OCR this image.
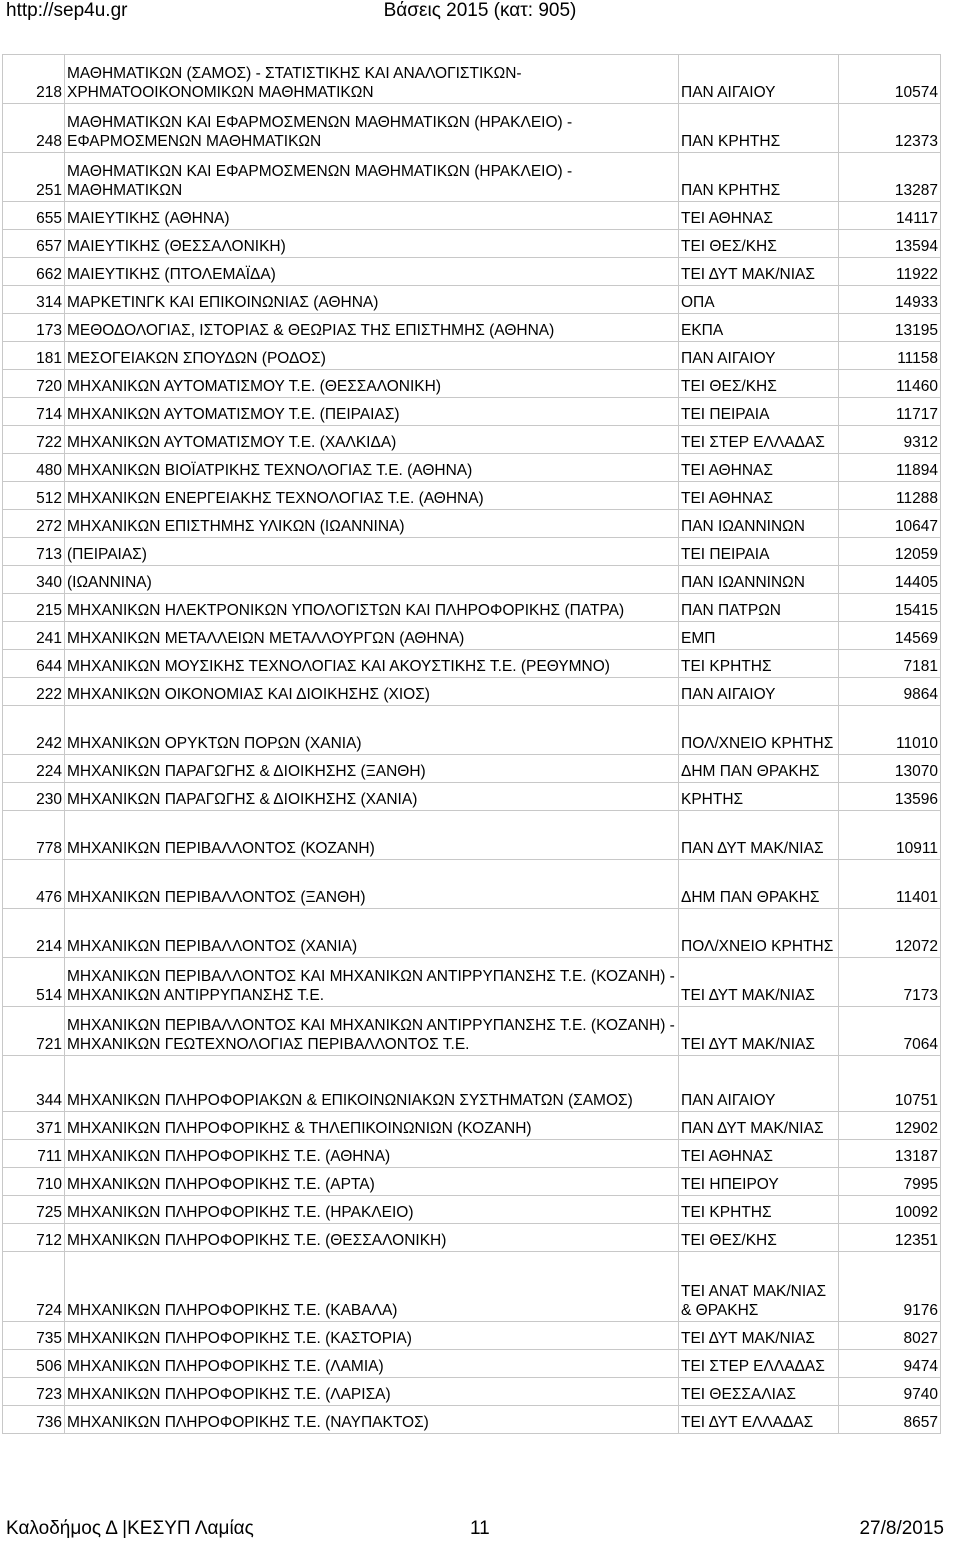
Βάσεις 2015 (κατ: 905)
http://sep4u.gr
218	ΜΑΘΗΜΑΤΙΚΩΝ (ΣΑΜΟΣ) - ΣΤΑΤΙΣΤΙΚΗΣ ΚΑΙ ΑΝΑΛΟΓΙΣΤΙΚΩΝ- ΧΡΗΜΑΤΟΟΙΚΟΝΟΜΙΚΩΝ ΜΑΘΗΜΑΤΙΚΩΝ	ΠΑΝ ΑΙΓΑΙΟΥ	10574
248	ΜΑΘΗΜΑΤΙΚΩΝ ΚΑΙ ΕΦΑΡΜΟΣΜΕΝΩΝ ΜΑΘΗΜΑΤΙΚΩΝ (ΗΡΑΚΛΕΙΟ) - ΕΦΑΡΜΟΣΜΕΝΩΝ ΜΑΘΗΜΑΤΙΚΩΝ	ΠΑΝ ΚΡΗΤΗΣ	12373
251	ΜΑΘΗΜΑΤΙΚΩΝ ΚΑΙ ΕΦΑΡΜΟΣΜΕΝΩΝ ΜΑΘΗΜΑΤΙΚΩΝ (ΗΡΑΚΛΕΙΟ) - ΜΑΘΗΜΑΤΙΚΩΝ	ΠΑΝ ΚΡΗΤΗΣ	13287
655	ΜΑΙΕΥΤΙΚΗΣ (ΑΘΗΝΑ)	ΤΕΙ ΑΘΗΝΑΣ	14117
657	ΜΑΙΕΥΤΙΚΗΣ (ΘΕΣΣΑΛΟΝΙΚΗ)	ΤΕΙ ΘΕΣ/ΚΗΣ	13594
662	ΜΑΙΕΥΤΙΚΗΣ (ΠΤΟΛΕΜΑΪΔΑ)	ΤΕΙ ΔΥΤ ΜΑΚ/ΝΙΑΣ	11922
314	ΜΑΡΚΕΤΙΝΓΚ ΚΑΙ ΕΠΙΚΟΙΝΩΝΙΑΣ (ΑΘΗΝΑ)	ΟΠΑ	14933
173	ΜΕΘΟΔΟΛΟΓΙΑΣ, ΙΣΤΟΡΙΑΣ & ΘΕΩΡΙΑΣ ΤΗΣ ΕΠΙΣΤΗΜΗΣ (ΑΘΗΝΑ)	ΕΚΠΑ	13195
181	ΜΕΣΟΓΕΙΑΚΩΝ ΣΠΟΥΔΩΝ (ΡΟΔΟΣ)	ΠΑΝ ΑΙΓΑΙΟΥ	11158
720	ΜΗΧΑΝΙΚΩΝ ΑΥΤΟΜΑΤΙΣΜΟΥ Τ.Ε. (ΘΕΣΣΑΛΟΝΙΚΗ)	ΤΕΙ ΘΕΣ/ΚΗΣ	11460
714	ΜΗΧΑΝΙΚΩΝ ΑΥΤΟΜΑΤΙΣΜΟΥ Τ.Ε. (ΠΕΙΡΑΙΑΣ)	ΤΕΙ ΠΕΙΡΑΙΑ	11717
722	ΜΗΧΑΝΙΚΩΝ ΑΥΤΟΜΑΤΙΣΜΟΥ Τ.Ε. (ΧΑΛΚΙΔΑ)	ΤΕΙ ΣΤΕΡ ΕΛΛΑΔΑΣ	9312
480	ΜΗΧΑΝΙΚΩΝ ΒΙΟΪΑΤΡΙΚΗΣ ΤΕΧΝΟΛΟΓΙΑΣ Τ.Ε. (ΑΘΗΝΑ)	ΤΕΙ ΑΘΗΝΑΣ	11894
512	ΜΗΧΑΝΙΚΩΝ ΕΝΕΡΓΕΙΑΚΗΣ ΤΕΧΝΟΛΟΓΙΑΣ Τ.Ε. (ΑΘΗΝΑ)	ΤΕΙ ΑΘΗΝΑΣ	11288
272	ΜΗΧΑΝΙΚΩΝ ΕΠΙΣΤΗΜΗΣ ΥΛΙΚΩΝ (ΙΩΑΝΝΙΝΑ)	ΠΑΝ ΙΩΑΝΝΙΝΩΝ	10647
713	(ΠΕΙΡΑΙΑΣ)	ΤΕΙ ΠΕΙΡΑΙΑ	12059
340	(ΙΩΑΝΝΙΝΑ)	ΠΑΝ ΙΩΑΝΝΙΝΩΝ	14405
215	ΜΗΧΑΝΙΚΩΝ ΗΛΕΚΤΡΟΝΙΚΩΝ ΥΠΟΛΟΓΙΣΤΩΝ ΚΑΙ ΠΛΗΡΟΦΟΡΙΚΗΣ (ΠΑΤΡΑ)	ΠΑΝ ΠΑΤΡΩΝ	15415
241	ΜΗΧΑΝΙΚΩΝ ΜΕΤΑΛΛΕΙΩΝ ΜΕΤΑΛΛΟΥΡΓΩΝ (ΑΘΗΝΑ)	ΕΜΠ	14569
644	ΜΗΧΑΝΙΚΩΝ ΜΟΥΣΙΚΗΣ ΤΕΧΝΟΛΟΓΙΑΣ ΚΑΙ ΑΚΟΥΣΤΙΚΗΣ Τ.Ε. (ΡΕΘΥΜΝΟ)	ΤΕΙ ΚΡΗΤΗΣ	7181
222	ΜΗΧΑΝΙΚΩΝ ΟΙΚΟΝΟΜΙΑΣ ΚΑΙ ΔΙΟΙΚΗΣΗΣ (ΧΙΟΣ)	ΠΑΝ ΑΙΓΑΙΟΥ	9864
242	ΜΗΧΑΝΙΚΩΝ ΟΡΥΚΤΩΝ ΠΟΡΩΝ (ΧΑΝΙΑ)	ΠΟΛ/ΧΝΕΙΟ ΚΡΗΤΗΣ	11010
224	ΜΗΧΑΝΙΚΩΝ ΠΑΡΑΓΩΓΗΣ & ΔΙΟΙΚΗΣΗΣ (ΞΑΝΘΗ)	ΔΗΜ ΠΑΝ ΘΡΑΚΗΣ	13070
230	ΜΗΧΑΝΙΚΩΝ ΠΑΡΑΓΩΓΗΣ & ΔΙΟΙΚΗΣΗΣ (ΧΑΝΙΑ)	ΚΡΗΤΗΣ	13596
778	ΜΗΧΑΝΙΚΩΝ ΠΕΡΙΒΑΛΛΟΝΤΟΣ (ΚΟΖΑΝΗ)	ΠΑΝ ΔΥΤ ΜΑΚ/ΝΙΑΣ	10911
476	ΜΗΧΑΝΙΚΩΝ ΠΕΡΙΒΑΛΛΟΝΤΟΣ (ΞΑΝΘΗ)	ΔΗΜ ΠΑΝ ΘΡΑΚΗΣ	11401
214	ΜΗΧΑΝΙΚΩΝ ΠΕΡΙΒΑΛΛΟΝΤΟΣ (ΧΑΝΙΑ)	ΠΟΛ/ΧΝΕΙΟ ΚΡΗΤΗΣ	12072
514	ΜΗΧΑΝΙΚΩΝ ΠΕΡΙΒΑΛΛΟΝΤΟΣ ΚΑΙ ΜΗΧΑΝΙΚΩΝ ΑΝΤΙΡΡΥΠΑΝΣΗΣ Τ.Ε. (ΚΟΖΑΝΗ) - ΜΗΧΑΝΙΚΩΝ ΑΝΤΙΡΡΥΠΑΝΣΗΣ Τ.Ε.	ΤΕΙ ΔΥΤ ΜΑΚ/ΝΙΑΣ	7173
721	ΜΗΧΑΝΙΚΩΝ ΠΕΡΙΒΑΛΛΟΝΤΟΣ ΚΑΙ ΜΗΧΑΝΙΚΩΝ ΑΝΤΙΡΡΥΠΑΝΣΗΣ Τ.Ε. (ΚΟΖΑΝΗ) - ΜΗΧΑΝΙΚΩΝ ΓΕΩΤΕΧΝΟΛΟΓΙΑΣ ΠΕΡΙΒΑΛΛΟΝΤΟΣ Τ.Ε.	ΤΕΙ ΔΥΤ ΜΑΚ/ΝΙΑΣ	7064
344	ΜΗΧΑΝΙΚΩΝ ΠΛΗΡΟΦΟΡΙΑΚΩΝ & ΕΠΙΚΟΙΝΩΝΙΑΚΩΝ ΣΥΣΤΗΜΑΤΩΝ (ΣΑΜΟΣ)	ΠΑΝ ΑΙΓΑΙΟΥ	10751
371	ΜΗΧΑΝΙΚΩΝ ΠΛΗΡΟΦΟΡΙΚΗΣ & ΤΗΛΕΠΙΚΟΙΝΩΝΙΩΝ (ΚΟΖΑΝΗ)	ΠΑΝ ΔΥΤ ΜΑΚ/ΝΙΑΣ	12902
711	ΜΗΧΑΝΙΚΩΝ ΠΛΗΡΟΦΟΡΙΚΗΣ Τ.Ε. (ΑΘΗΝΑ)	ΤΕΙ ΑΘΗΝΑΣ	13187
710	ΜΗΧΑΝΙΚΩΝ ΠΛΗΡΟΦΟΡΙΚΗΣ Τ.Ε. (ΑΡΤΑ)	ΤΕΙ ΗΠΕΙΡΟΥ	7995
725	ΜΗΧΑΝΙΚΩΝ ΠΛΗΡΟΦΟΡΙΚΗΣ Τ.Ε. (ΗΡΑΚΛΕΙΟ)	ΤΕΙ ΚΡΗΤΗΣ	10092
712	ΜΗΧΑΝΙΚΩΝ ΠΛΗΡΟΦΟΡΙΚΗΣ Τ.Ε. (ΘΕΣΣΑΛΟΝΙΚΗ)	ΤΕΙ ΘΕΣ/ΚΗΣ	12351
724	ΜΗΧΑΝΙΚΩΝ ΠΛΗΡΟΦΟΡΙΚΗΣ Τ.Ε. (ΚΑΒΑΛΑ)	ΤΕΙ ΑΝΑΤ ΜΑΚ/ΝΙΑΣ & ΘΡΑΚΗΣ	9176
735	ΜΗΧΑΝΙΚΩΝ ΠΛΗΡΟΦΟΡΙΚΗΣ Τ.Ε. (ΚΑΣΤΟΡΙΑ)	ΤΕΙ ΔΥΤ ΜΑΚ/ΝΙΑΣ	8027
506	ΜΗΧΑΝΙΚΩΝ ΠΛΗΡΟΦΟΡΙΚΗΣ Τ.Ε. (ΛΑΜΙΑ)	ΤΕΙ ΣΤΕΡ ΕΛΛΑΔΑΣ	9474
723	ΜΗΧΑΝΙΚΩΝ ΠΛΗΡΟΦΟΡΙΚΗΣ Τ.Ε. (ΛΑΡΙΣΑ)	ΤΕΙ ΘΕΣΣΑΛΙΑΣ	9740
736	ΜΗΧΑΝΙΚΩΝ ΠΛΗΡΟΦΟΡΙΚΗΣ Τ.Ε. (ΝΑΥΠΑΚΤΟΣ)	ΤΕΙ ΔΥΤ ΕΛΛΑΔΑΣ	8657
Καλοδήμος Δ |ΚΕΣΥΠ Λαμίας	11	27/8/2015
